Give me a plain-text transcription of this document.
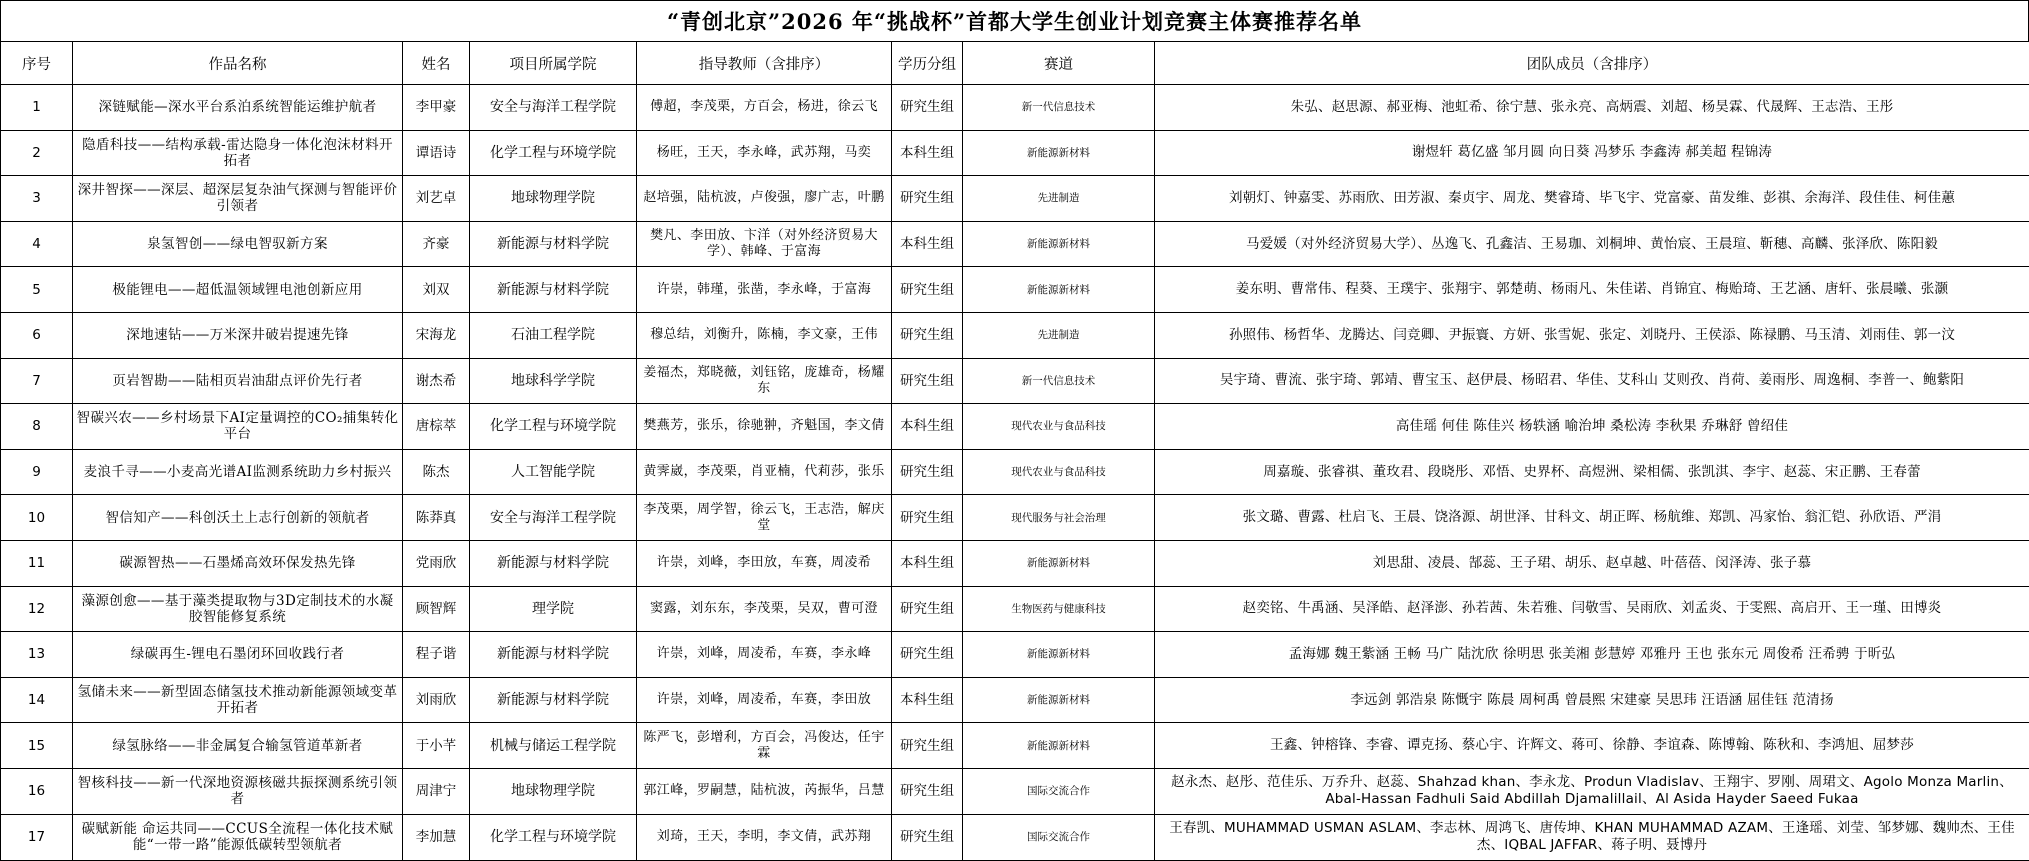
“青创北京”2026 年“挑战杯”首都大学生创业计划竞赛主体赛推荐名单
序号	作品名称	姓名	项目所属学院	指导教师（含排序）	学历分组	赛道	团队成员（含排序）
1	深链赋能—深水平台系泊系统智能运维护航者	李甲豪	安全与海洋工程学院	傅超，李茂栗，方百会，杨进，徐云飞	研究生组	新一代信息技术	朱弘、赵思源、郝亚梅、池虹希、徐宁慧、张永亮、高炳震、刘超、杨昊霖、代晟辉、王志浩、王彤
2	隐盾科技——结构承载-雷达隐身一体化泡沫材料开拓者	谭语诗	化学工程与环境学院	杨旺，王天，李永峰，武苏翔，马奕	本科生组	新能源新材料	谢煜轩 葛亿盛 邹月圆 向日葵 冯梦乐 李鑫涛 郝美超 程锦涛
3	深井智探——深层、超深层复杂油气探测与智能评价引领者	刘艺卓	地球物理学院	赵培强，陆杭波，卢俊强，廖广志，叶鹏	研究生组	先进制造	刘朝灯、钟嘉雯、苏雨欣、田芳淑、秦贞宇、周龙、樊睿琦、毕飞宇、党富豪、苗发维、彭祺、余海洋、段佳佳、柯佳蕙
4	泉氢智创——绿电智驭新方案	齐豪	新能源与材料学院	樊凡、李田放、卞洋（对外经济贸易大学）、韩峰、于富海	本科生组	新能源新材料	马爱媛（对外经济贸易大学）、丛逸飞、孔鑫洁、王易珈、刘桐坤、黄怡宸、王晨瑄、靳穗、高麟、张泽欣、陈阳毅
5	极能锂电——超低温领域锂电池创新应用	刘双	新能源与材料学院	许崇，韩瑾，张凿，李永峰，于富海	研究生组	新能源新材料	姜东明、曹常伟、程葵、王璞宇、张翔宇、郭楚萌、杨雨凡、朱佳诺、肖锦宜、梅贻琦、王艺涵、唐轩、张晨曦、张灏
6	深地速钻——万米深井破岩提速先锋	宋海龙	石油工程学院	穆总结，刘衡升，陈楠，李文豪，王伟	研究生组	先进制造	孙照伟、杨哲华、龙腾达、闫竞卿、尹振寰、方妍、张雪妮、张定、刘晓丹、王侯添、陈禄鹏、马玉清、刘雨佳、郭一汶
7	页岩智勘——陆相页岩油甜点评价先行者	谢杰希	地球科学学院	姜福杰，郑晓薇，刘钰铭，庞雄奇，杨耀东	研究生组	新一代信息技术	吴宇琦、曹流、张宇琦、郭靖、曹宝玉、赵伊晨、杨昭君、华佳、艾科山 艾则孜、肖荷、姜雨彤、周逸桐、李普一、鲍紫阳
8	智碳兴农——乡村场景下AI定量调控的CO₂捕集转化平台	唐棕萃	化学工程与环境学院	樊燕芳，张乐，徐驰翀，齐魁国，李文倩	本科生组	现代农业与食品科技	高佳瑶 何佳 陈佳兴 杨轶涵 喻治坤 桑松涛 李秋果 乔琳舒 曾绍佳
9	麦浪千寻——小麦高光谱AI监测系统助力乡村振兴	陈杰	人工智能学院	黄霁崴，李茂栗，肖亚楠，代莉莎，张乐	研究生组	现代农业与食品科技	周嘉璇、张睿祺、董玫君、段晓彤、邓悟、史界杯、高煜洲、梁相儒、张凯淇、李宇、赵蕊、宋正鹏、王春蕾
10	智信知产——科创沃土上志行创新的领航者	陈莽真	安全与海洋工程学院	李茂栗，周学智，徐云飞，王志浩，解庆堂	研究生组	现代服务与社会治理	张文璐、曹露、杜启飞、王晨、饶洛源、胡世泽、甘科文、胡正晖、杨航维、郑凯、冯家怡、翁汇铠、孙欣语、严涓
11	碳源智热——石墨烯高效环保发热先锋	党雨欣	新能源与材料学院	许崇，刘峰，李田放，车赛，周凌希	本科生组	新能源新材料	刘思甜、凌晨、郜蕊、王子珺、胡乐、赵卓越、叶蓓蓓、闵泽涛、张子慕
12	藻源创愈——基于藻类提取物与3D定制技术的水凝胶智能修复系统	顾智辉	理学院	窦露，刘东东，李茂栗，吴双，曹可澄	研究生组	生物医药与健康科技	赵奕铭、牛禹涵、吴泽皓、赵泽澎、孙若茜、朱若雅、闫敬雪、吴雨欣、刘孟炎、于雯熙、高启开、王一瑾、田博炎
13	绿碳再生-锂电石墨闭环回收践行者	程子谐	新能源与材料学院	许崇，刘峰，周凌希，车赛，李永峰	研究生组	新能源新材料	孟海娜 魏王紫涵 王畅 马广 陆沈欣 徐明思 张美湘 彭慧婷 邓雅丹 王也 张东元 周俊希 汪希骋 于昕弘
14	氢储未来——新型固态储氢技术推动新能源领域变革开拓者	刘雨欣	新能源与材料学院	许崇，刘峰，周凌希，车赛，李田放	本科生组	新能源新材料	李远剑 郭浩泉 陈慨宇 陈晨 周柯禹 曾晨熙 宋建豪 吴思玮 汪语涵 屈佳钰 范清扬
15	绿氢脉络——非金属复合输氢管道革新者	于小芊	机械与储运工程学院	陈严飞，彭增利，方百会，冯俊达，任宇霖	研究生组	新能源新材料	王鑫、钟榕锋、李睿、谭克扬、蔡心宇、许辉文、蒋可、徐静、李谊森、陈博翰、陈秋和、李鸿旭、屈梦莎
16	智核科技——新一代深地资源核磁共振探测系统引领者	周津宁	地球物理学院	郭江峰，罗嗣慧，陆杭波，芮振华，吕慧	研究生组	国际交流合作	赵永杰、赵彤、范佳乐、万乔升、赵蕊、Shahzad khan、李永龙、Produn Vladislav、王翔宇、罗刚、周珺文、Agolo Monza Marlin、Abal-Hassan Fadhuli Said Abdillah Djamalillail、Al Asida Hayder Saeed Fukaa
17	碳赋新能 命运共同——CCUS全流程一体化技术赋能“一带一路”能源低碳转型领航者	李加慧	化学工程与环境学院	刘琦，王天，李明，李文倩，武苏翔	研究生组	国际交流合作	王春凯、MUHAMMAD USMAN ASLAM、李志林、周鸿飞、唐传坤、KHAN MUHAMMAD AZAM、王逢瑶、刘莹、邹梦娜、魏帅杰、王佳杰、IQBAL JAFFAR、蒋子明、聂博丹
